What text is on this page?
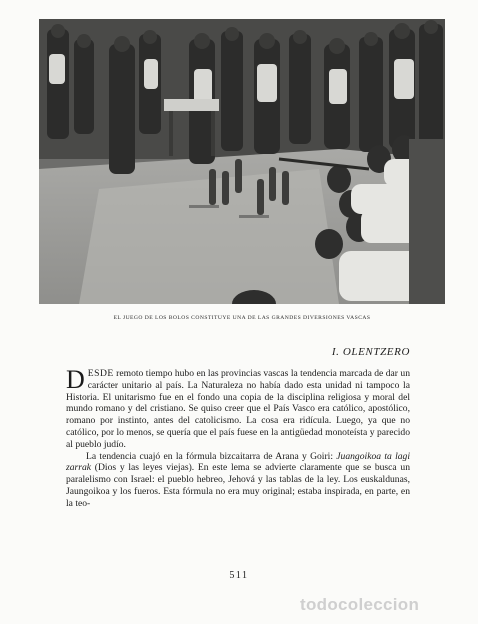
EL JUEGO DE LOS BOLOS CONSTITUYE UNA DE LAS GRANDES DIVERSIONES VASCAS
I. OLENTZERO

DESDE remoto tiempo hubo en las provincias vascas la tendencia marcada de dar un carácter unitario al país. La Naturaleza no había dado esta unidad ni tampoco la Historia. El unitarismo fue en el fondo una copia de la disciplina religiosa y moral del mundo romano y del cristiano. Se quiso creer que el País Vasco era católico, apostólico, romano por instinto, antes del catolicismo. La cosa era ridícula. Luego, ya que no católico, por lo menos, se quería que el país fuese en la antigüedad monoteísta y parecido al pueblo judío.

La tendencia cuajó en la fórmula bizcaitarra de Arana y Goiri: Juangoikoa ta lagi zarrak (Dios y las leyes viejas). En este lema se advierte claramente que se busca un paralelismo con Israel: el pueblo hebreo, Jehová y las tablas de la ley. Los euskaldunas, Jaungoikoa y los fueros. Esta fórmula no era muy original; estaba inspirada, en parte, en la teo-

511
todocoleccion
